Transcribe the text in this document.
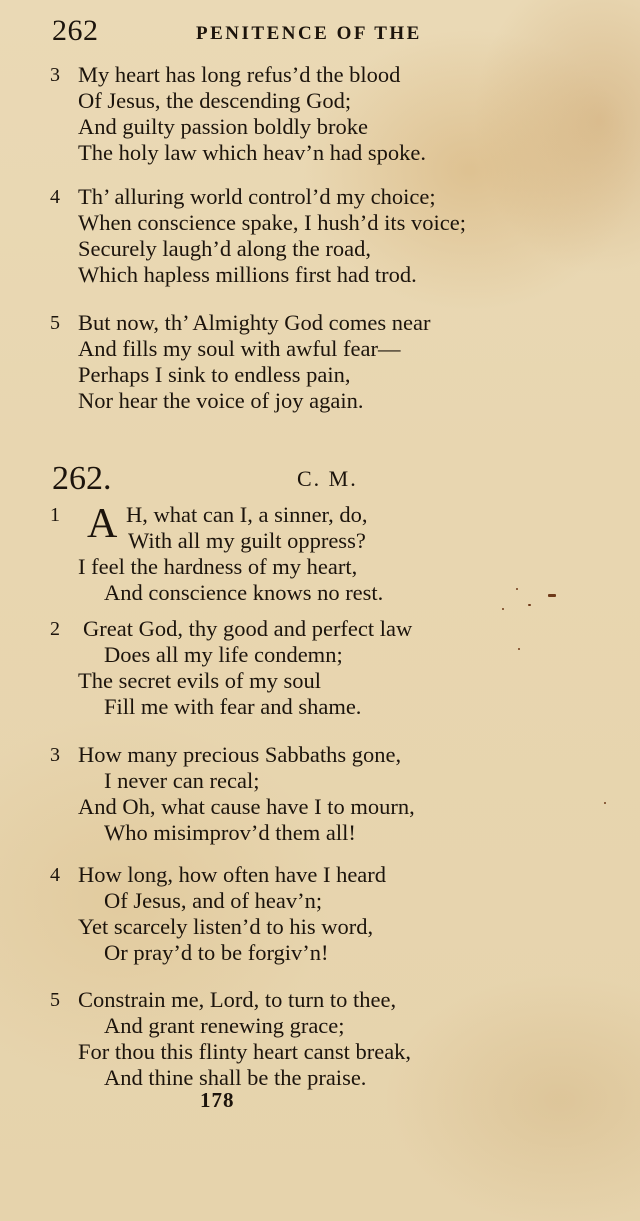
262	PENITENCE OF THE
3 My heart has long refus’d the blood
Of Jesus, the descending God;
And guilty passion boldly broke
The holy law which heav’n had spoke.
4 Th’ alluring world control’d my choice;
When conscience spake, I hush’d its voice;
Securely laugh’d along the road,
Which hapless millions first had trod.
5 But now, th’ Almighty God comes near
And fills my soul with awful fear—
Perhaps I sink to endless pain,
Nor hear the voice of joy again.
262.	C. M.
A
1	H, what can I, a sinner, do,
With all my guilt oppress?
I feel the hardness of my heart,
And conscience knows no rest.
2	Great God, thy good and perfect law
Does all my life condemn;
The secret evils of my soul
Fill me with fear and shame.
3 How many precious Sabbaths gone,
I never can recal;
And Oh, what cause have I to mourn,
Who misimprov’d them all!
4 How long, how often have I heard
Of Jesus, and of heav’n;
Yet scarcely listen’d to his word,
Or pray’d to be forgiv’n!
5 Constrain me, Lord, to turn to thee,
And grant renewing grace;
For thou this flinty heart canst break,
And thine shall be the praise.
178
